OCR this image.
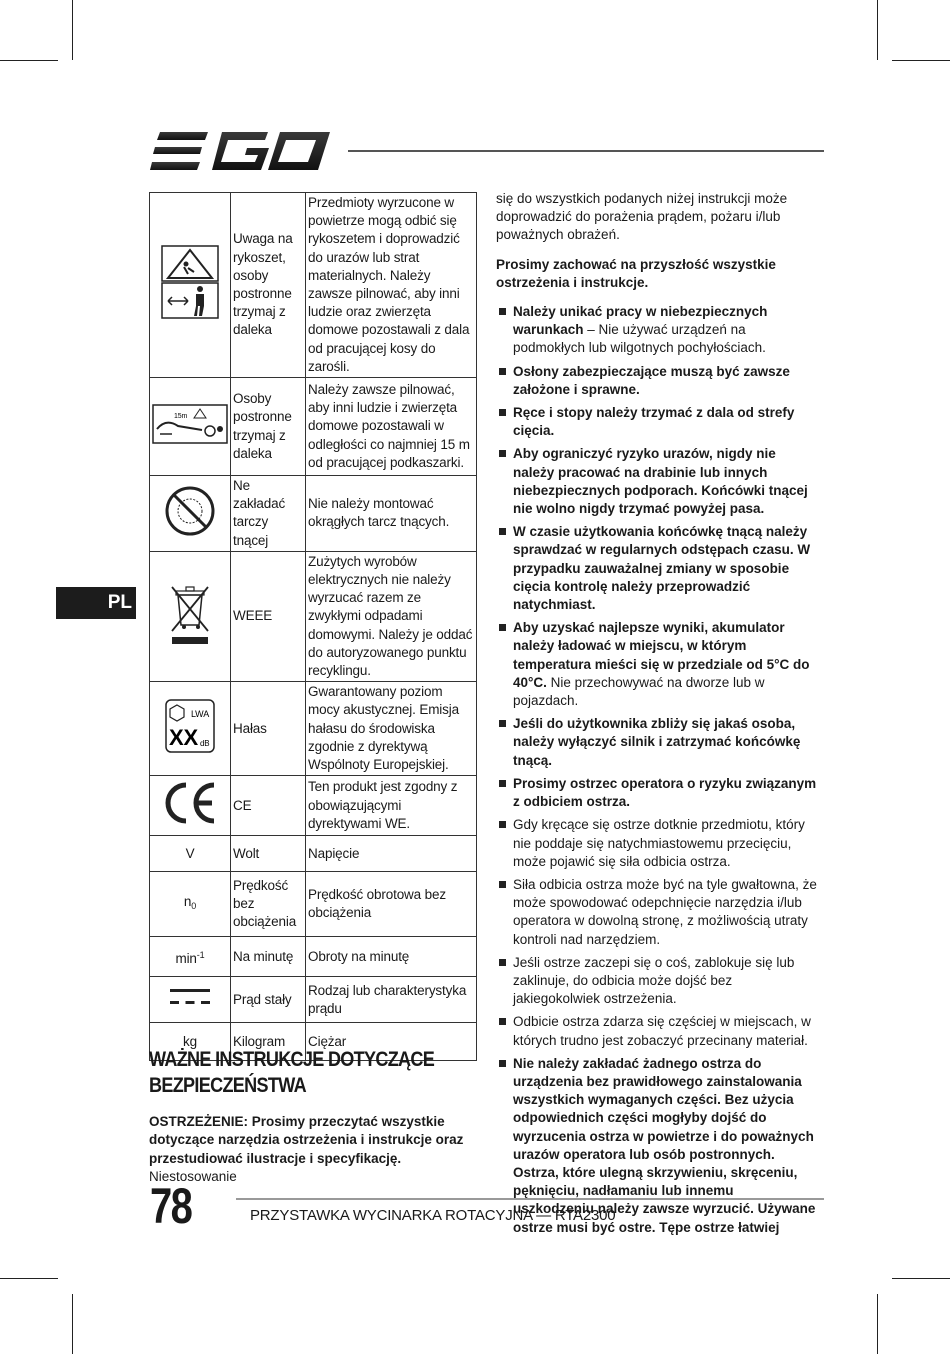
PL
	Uwaga na rykoszet, osoby postronne trzymaj z daleka	Przedmioty wyrzucone w powietrze mogą odbić się rykoszetem i doprowadzić do urazów lub strat materialnych. Należy zawsze pilnować, aby inni ludzie oraz zwierzęta domowe pozostawali z dala od pracującej kosy do zarośli.

15m	Osoby postronne trzymaj z daleka	Należy zawsze pilnować, aby inni ludzie i zwierzęta domowe pozostawali w odległości co najmniej 15 m od pracującej podkaszarki.
	Ne zakładać tarczy tnącej	Nie należy montować okrągłych tarcz tnących.
	WEEE	Zużytych wyrobów elektrycznych nie należy wyrzucać razem ze zwykłymi odpadami domowymi. Należy je oddać do autoryzowanego punktu recyklingu.

LWA
XX dB	Hałas	Gwarantowany poziom mocy akustycznej. Emisja hałasu do środowiska zgodnie z dyrektywą Wspólnoty Europejskiej.
	CE	Ten produkt jest zgodny z obowiązującymi dyrektywami WE.
V	Wolt	Napięcie
$n_0$	Prędkość bez obciążenia	Prędkość obrotowa bez obciążenia
$\min^{-1}$	Na minutę	Obroty na minutę
	Prąd stały	Rodzaj lub charakterystyka prądu
kg	Kilogram	Ciężar
WAŻNE INSTRUKCJE DOTYCZĄCE BEZPIECZEŃSTWA
OSTRZEŻENIE: Prosimy przeczytać wszystkie dotyczące narzędzia ostrzeżenia i instrukcje oraz przestudiować ilustracje i specyfikację. Niestosowanie

się do wszystkich podanych niżej instrukcji może doprowadzić do porażenia prądem, pożaru i/lub poważnych obrażeń.

Prosimy zachować na przyszłość wszystkie ostrzeżenia i instrukcje.

Należy unikać pracy w niebezpiecznych warunkach – Nie używać urządzeń na podmokłych lub wilgotnych pochyłościach.
Osłony zabezpieczające muszą być zawsze założone i sprawne.
Ręce i stopy należy trzymać z dala od strefy cięcia.
Aby ograniczyć ryzyko urazów, nigdy nie należy pracować na drabinie lub innych niebezpiecznych podporach. Końcówki tnącej nie wolno nigdy trzymać powyżej pasa.
W czasie użytkowania końcówkę tnącą należy sprawdzać w regularnych odstępach czasu. W przypadku zauważalnej zmiany w sposobie cięcia kontrolę należy przeprowadzić natychmiast.
Aby uzyskać najlepsze wyniki, akumulator należy ładować w miejscu, w którym temperatura mieści się w przedziale od 5°C do 40°C. Nie przechowywać na dworze lub w pojazdach.
Jeśli do użytkownika zbliży się jakaś osoba, należy wyłączyć silnik i zatrzymać końcówkę tnącą.
Prosimy ostrzec operatora o ryzyku związanym z odbiciem ostrza.
Gdy kręcące się ostrze dotknie przedmiotu, który nie poddaje się natychmiastowemu przecięciu, może pojawić się siła odbicia ostrza.
Siła odbicia ostrza może być na tyle gwałtowna, że może spowodować odepchnięcie narzędzia i/lub operatora w dowolną stronę, z możliwością utraty kontroli nad narzędziem.
Jeśli ostrze zaczepi się o coś, zablokuje się lub zaklinuje, do odbicia może dojść bez jakiegokolwiek ostrzeżenia.
Odbicie ostrza zdarza się częściej w miejscach, w których trudno jest zobaczyć przecinany materiał.
Nie należy zakładać żadnego ostrza do urządzenia bez prawidłowego zainstalowania wszystkich wymaganych części. Bez użycia odpowiednich części mogłyby dojść do wyrzucenia ostrza w powietrze i do poważnych urazów operatora lub osób postronnych. Ostrza, które ulegną skrzywieniu, skręceniu, pęknięciu, nadłamaniu lub innemu uszkodzeniu należy zawsze wyrzucić. Używane ostrze musi być ostre. Tępe ostrze łatwiej
78	PRZYSTAWKA WYCINARKA ROTACYJNA — RTA2300
